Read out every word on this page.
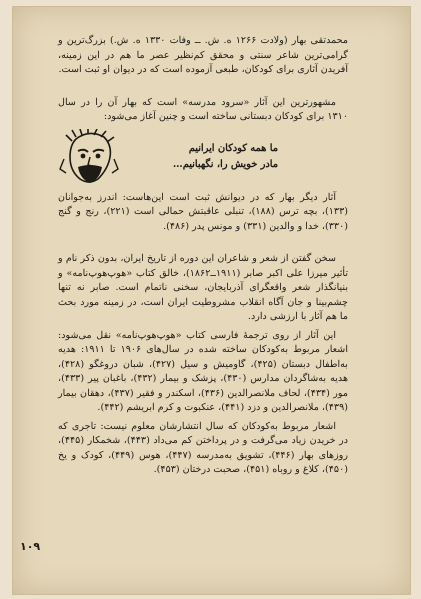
محمدتقی بهار (ولادت ۱۲۶۶ ه. ش. ــ وفات ۱۳۳۰ ه. ش.) بزرگ‌ترین و گرامی‌ترین شاعر سنتی و محقق کم‌نظیر عصر ما هم در این زمینه، آفریدن آثاری برای کودکان، طبعی آزموده است که در دیوان او ثبت است.

مشهورترین این آثار «سرود مدرسه» است که بهار آن را در سال ۱۳۱۰ برای کودکان دبستانی ساخته است و چنین آغاز می‌شود:

ما همه کودکان ایرانیم
مادر خویش را، نگهبانیم…

آثار دیگر بهار که در دیوانش ثبت است این‌هاست: اندرز به‌جوانان (۱۳۳)، بچه ترس (۱۸۸)، تنبلی عاقبتش حمالی است (۲۲۱)، رنج و گنج (۳۳۰)، خدا و والدین (۳۳۱) و مونس پدر (۴۸۶).

سخن گفتن از شعر و شاعران این دوره از تاریخ ایران، بدون ذکر نام و تأثیر میرزا علی اکبر صابر (۱۹۱۱ــ۱۸۶۲)، خالق کتاب «هوپ‌هوپ‌نامه» و بنیانگذار شعر واقعگرای آذربایجان، سخنی ناتمام است. صابر نه تنها چشم‌بینا و جان آگاه انقلاب مشروطیت ایران است، در زمینه مورد بحث ما هم آثار با ارزشی دارد.

این آثار از روی ترجمهٔ فارسی کتاب «هوپ‌هوپ‌نامه» نقل می‌شود: اشعار مربوط به‌کودکان ساخته شده در سال‌های ۱۹۰۶ تا ۱۹۱۱: هدیه به‌اطفال دبستان (۴۲۵)، گاومیش و سیل (۴۲۷)، شبان دروغگو (۴۲۸)، هدیه به‌شاگردان مدارس (۴۳۰)، پزشک و بیمار (۴۳۲)، باغبان پیر (۴۳۳)، مور (۴۳۴)، لحاف ملانصرالدین (۴۳۶)، اسکندر و فقیر (۴۳۷)، دهقان بیمار (۴۳۹)، ملانصرالدین و دزد (۴۴۱)، عنکبوت و کرم ابریشم (۴۴۲).

اشعار مربوط به‌کودکان که سال انتشارشان معلوم نیست: تاجری که در خریدن زیاد می‌گرفت و در پرداختن کم می‌داد (۴۴۳)، شخمکار (۴۴۵)، روزهای بهار (۴۴۶)، تشویق به‌مدرسه (۴۴۷)، هوس (۴۴۹)، کودک و یخ (۴۵۰)، کلاغ و روباه (۴۵۱)، صحبت درختان (۴۵۳).

۱۰۹
